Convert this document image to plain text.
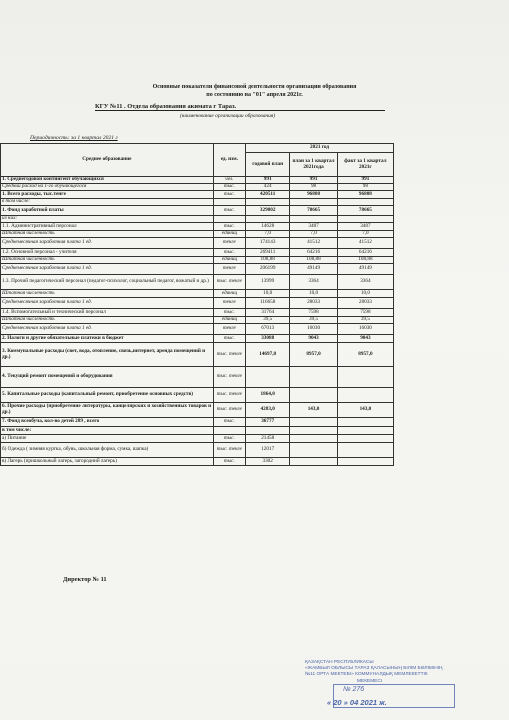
Основные показатели финансовой деятельности организации образования
по состоянию на "01" апреля 2021г.
КГУ №11 . Отдела образования акимата г Тараз.
(наименование организации образования)
Периодичность: за 1 квартал 2021 г
Среднее образование	ед. изм.	2021 год		
		годовой план	план за 1 квартал 2021года	факт за 1 квартал 2021г
1. Среднегодовой контингент обучающихся	чел.	991	991	991
Средний расход на 1-го обучающегося	тыс.	424	98	98
1. Всего расходы, тыс.тенге	тыс.	420511	96808	96808
в том числе:				
1. Фонд заработной платы	тыс.	329802	78665	78665
из них:				
1.1. Административный персонал	тыс.	14628	3487	3487
Штатная численность	единиц	7,0	7,0	7,0
Среднемесячная заработная плата 1 ед.	тенге	174143	41512	41512
1.2. Основной персонал - учителя	тыс.	269411	64216	64216
Штатная численность	единиц	108,88	108,88	108,88
Среднемесячная заработная плата 1 ед.	тенге	206199	49149	49149
1.3. Прочий педагогический персонал (педагог-психолог, социальный педагог, вожатый и др.)	тыс. тенге	13999	3364	3364
Штатная численность	единиц	10,0	10,0	10,0
Среднемесячная заработная плата 1 ед.	тенге	116658	28033	28033
1.4. Вспомогательный и технический персонал	тыс.	31764	7598	7598
Штатная численность	единиц	39,5	39,5	39,5
Среднемесячная заработная плата 1 ед.	тенге	67013	16030	16030
2. Налоги и другие обязательные платежи в бюджет	тыс.	33088	9043	9043
3. Коммунальные расходы (свет, вода, отопление, связь,интернет, аренда помещений и др.)	тыс. тенге	14697,0	8957,0	8957,0
4. Текущий ремонт помещений и оборудования	тыс. тенге			
5. Капитальные расходы (капитальный ремонт, приобретение основных средств)	тыс. тенге	1864,0		
6. Прочие расходы (приобретение литературы, канцелярских и хозяйственных товаров и др.)	тыс. тенге	4283,0	143,0	143,0
7. Фонд всеобуча, кол-во детей 289 , всего	тыс.	36777		
в том числе:				
а) Питание	тыс.	21458		
б) Одежда ( зимняя куртка, обувь, школьная форма, сумка, шапка)	тыс. тенге	12017		
в) Лагерь (пришкольный лагерь, загородний лагерь)	тыс.	3302		
Директор № 11
ҚАЗАҚСТАН РЕСПУБЛИКАСЫ
«ЖАМБЫЛ ОБЛЫСЫ ТАРАЗ ҚАЛАСЫНЫҢ БІЛІМ БӨЛІМІНІҢ
№11 ОРТА МЕКТЕБІ» КОММУНАЛДЫҚ МЕМЛЕКЕТТІК
МЕКЕМЕСІ
№ 276
« 20 » 04 2021 ж.
